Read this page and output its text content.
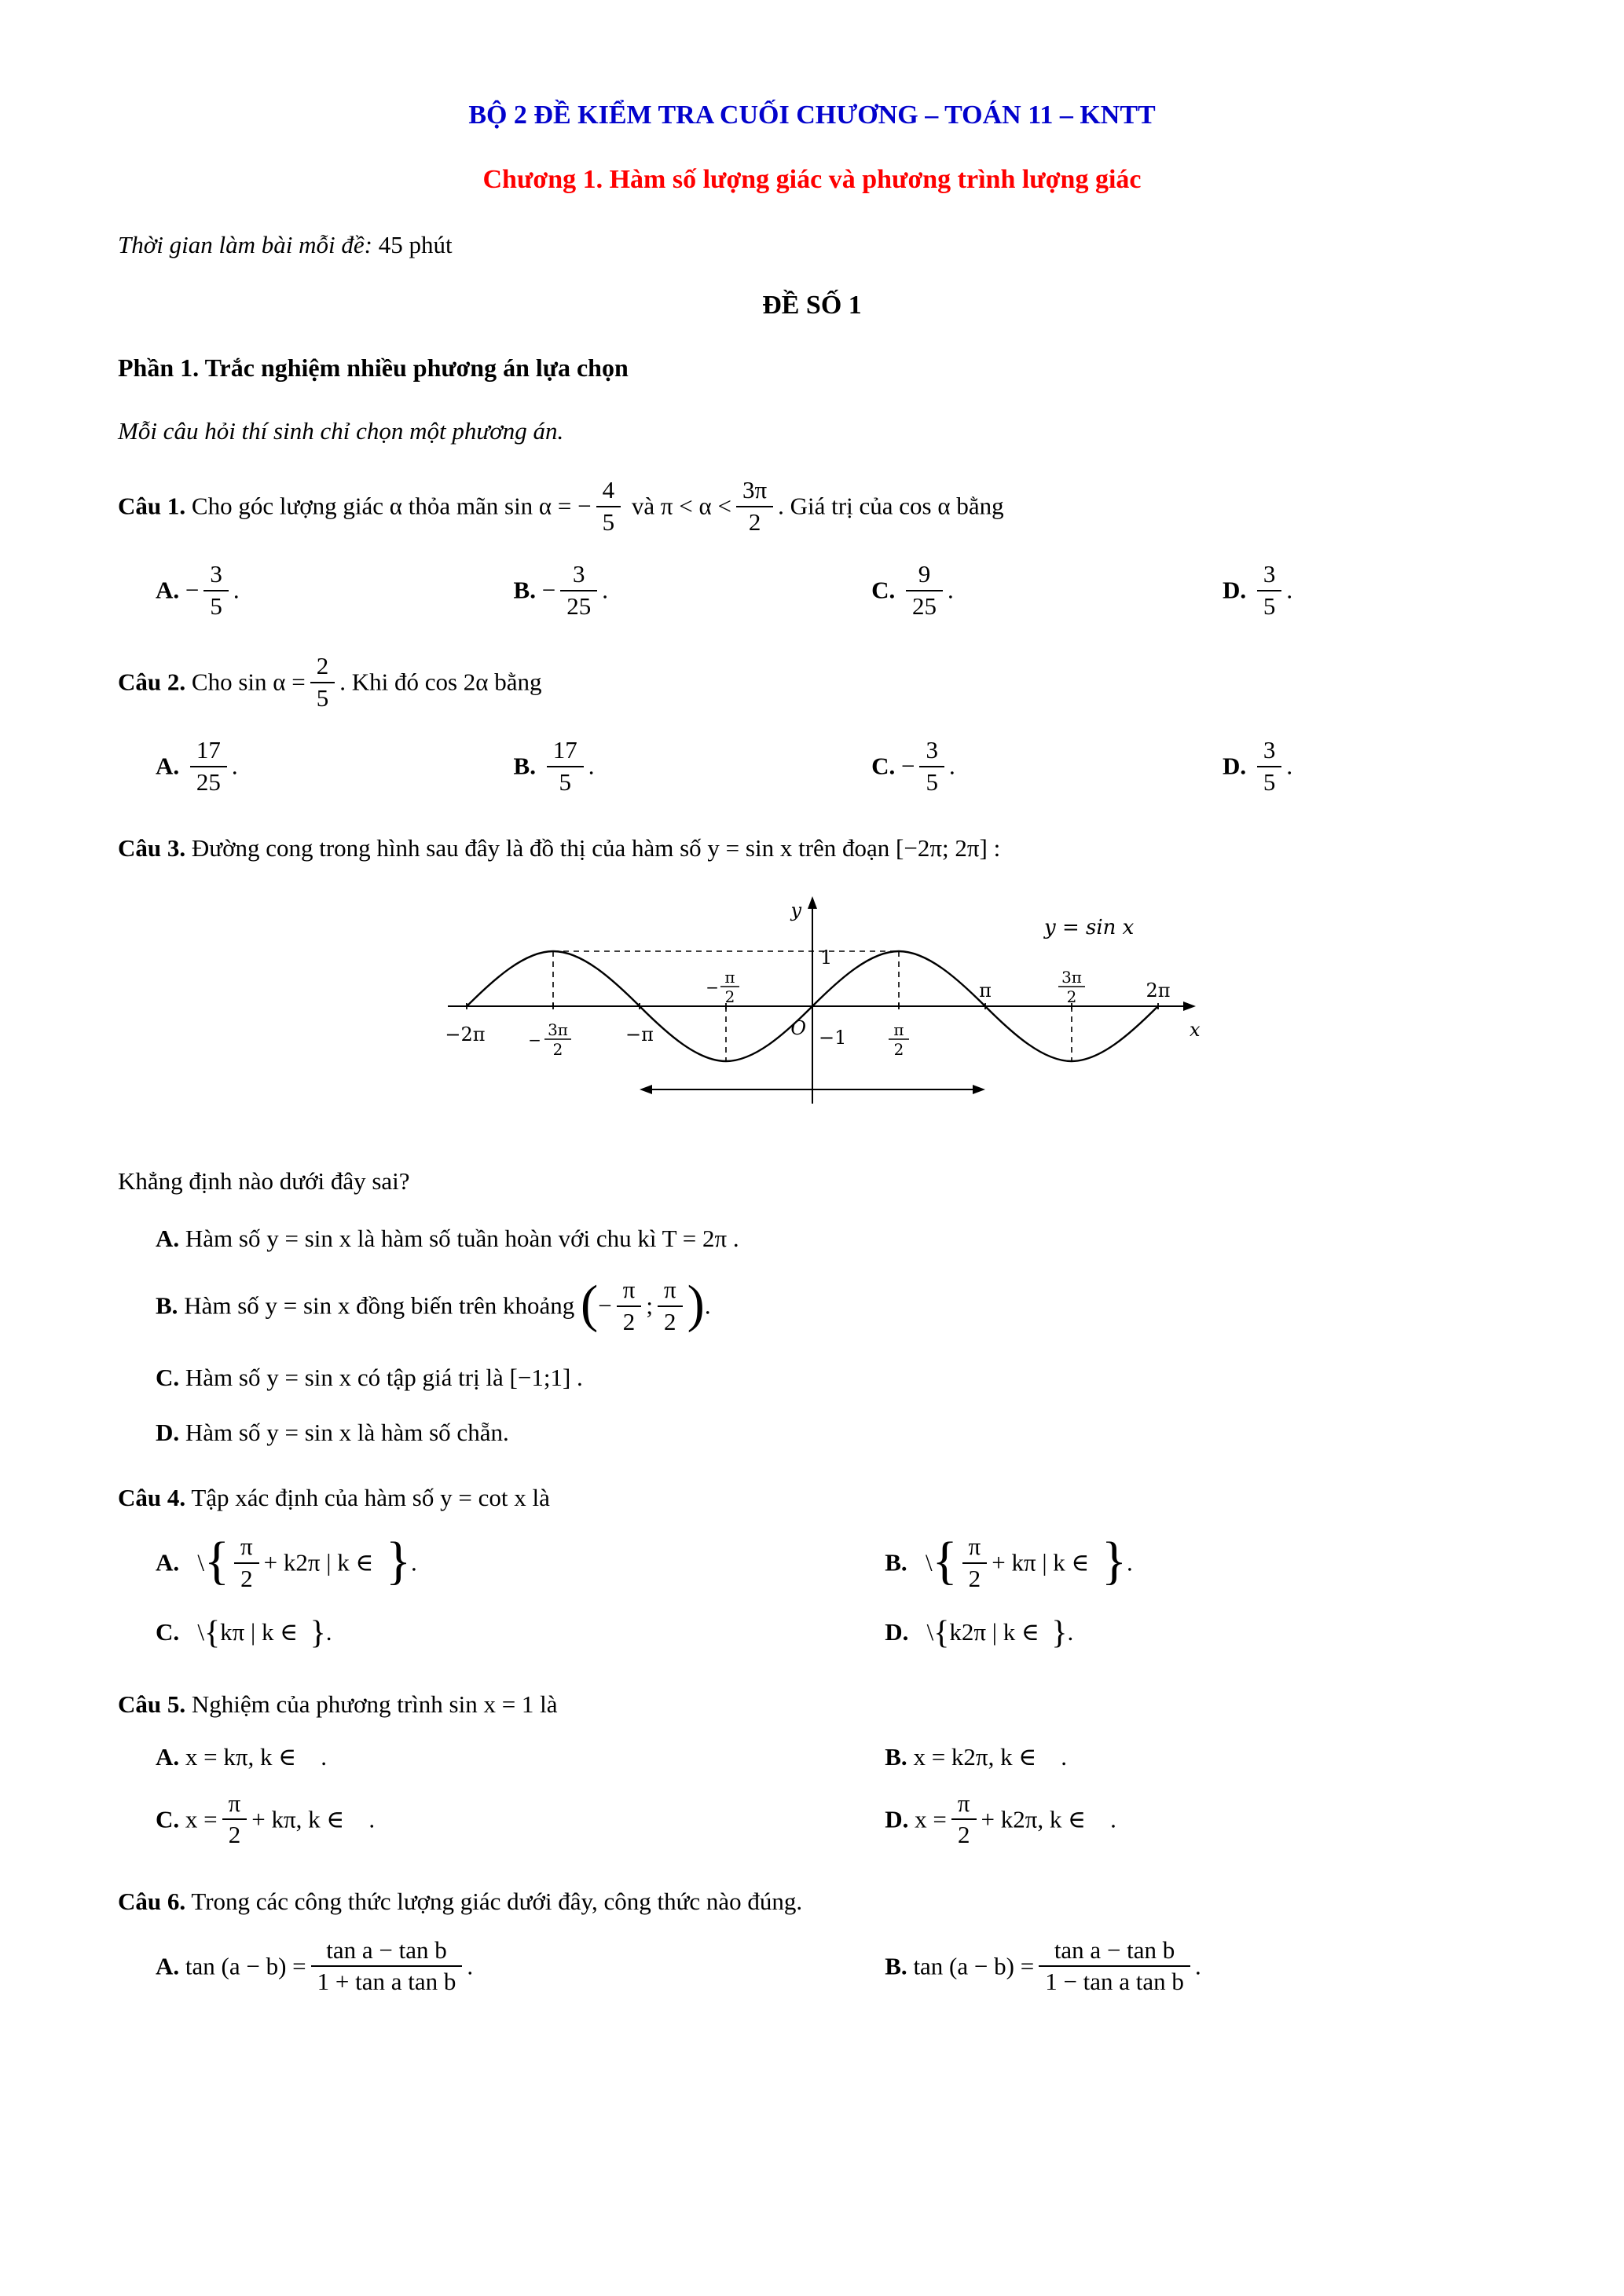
BỘ 2 ĐỀ KIỂM TRA CUỐI CHƯƠNG – TOÁN 11 – KNTT
Chương 1. Hàm số lượng giác và phương trình lượng giác
Thời gian làm bài mỗi đề: 45 phút
ĐỀ SỐ 1
Phần 1. Trắc nghiệm nhiều phương án lựa chọn
Mỗi câu hỏi thí sinh chỉ chọn một phương án.
Câu 1. Cho góc lượng giác α thỏa mãn sin α = − $\frac{4}{5}$ và $\pi < \alpha < \frac{3\pi}{2}$ . Giá trị của cos α bằng
A. − $\frac{3}{5}$ .	B. − $\frac{3}{25}$ .	C. $\frac{9}{25}$ .	D. $\frac{3}{5}$ .
Câu 2. Cho $\sin \alpha = \frac{2}{5}$ . Khi đó cos 2α bằng
A. $\frac{17}{25}$ .	B. $\frac{17}{5}$ .	C. − $\frac{3}{5}$ .	D. $\frac{3}{5}$ .
Câu 3. Đường cong trong hình sau đây là đồ thị của hàm số y = sin x trên đoạn [−2π; 2π] :
y
1
y = sin x
x
O −1
−2π	−π
π	2π
−
3π
2
−
π
2
π
2
3π
2
Khẳng định nào dưới đây sai?
A. Hàm số y = sin x là hàm số tuần hoàn với chu kì T = 2π .
B. Hàm số y = sin x đồng biến trên khoảng (− $\frac{\pi}{2}$ ; $\frac{\pi}{2}$ ).
C. Hàm số y = sin x có tập giá trị là [−1;1] .
D. Hàm số y = sin x là hàm số chẵn.
Câu 4. Tập xác định của hàm số y = cot x là
A.   \{ $\frac{\pi}{2} + k2\pi$ | k ∈  }.	B.   \{ $\frac{\pi}{2} + k\pi$ | k ∈  }.
C.   \{kπ | k ∈  }.	D.   \{k2π | k ∈  }.
Câu 5. Nghiệm của phương trình sin x = 1 là
A. x = kπ, k ∈    .	B. x = k2π, k ∈    .
C. $x = \frac{\pi}{2} + k\pi$, k ∈    .	D. $x = \frac{\pi}{2} + k2\pi$, k ∈    .
Câu 6. Trong các công thức lượng giác dưới đây, công thức nào đúng.
A. $\tan (a - b) = \frac{\text{tan a − tan b}}{\text{1 + tan a tan b}}$ .	B. $\tan (a - b) = \frac{\text{tan a − tan b}}{\text{1 − tan a tan b}}$ .
